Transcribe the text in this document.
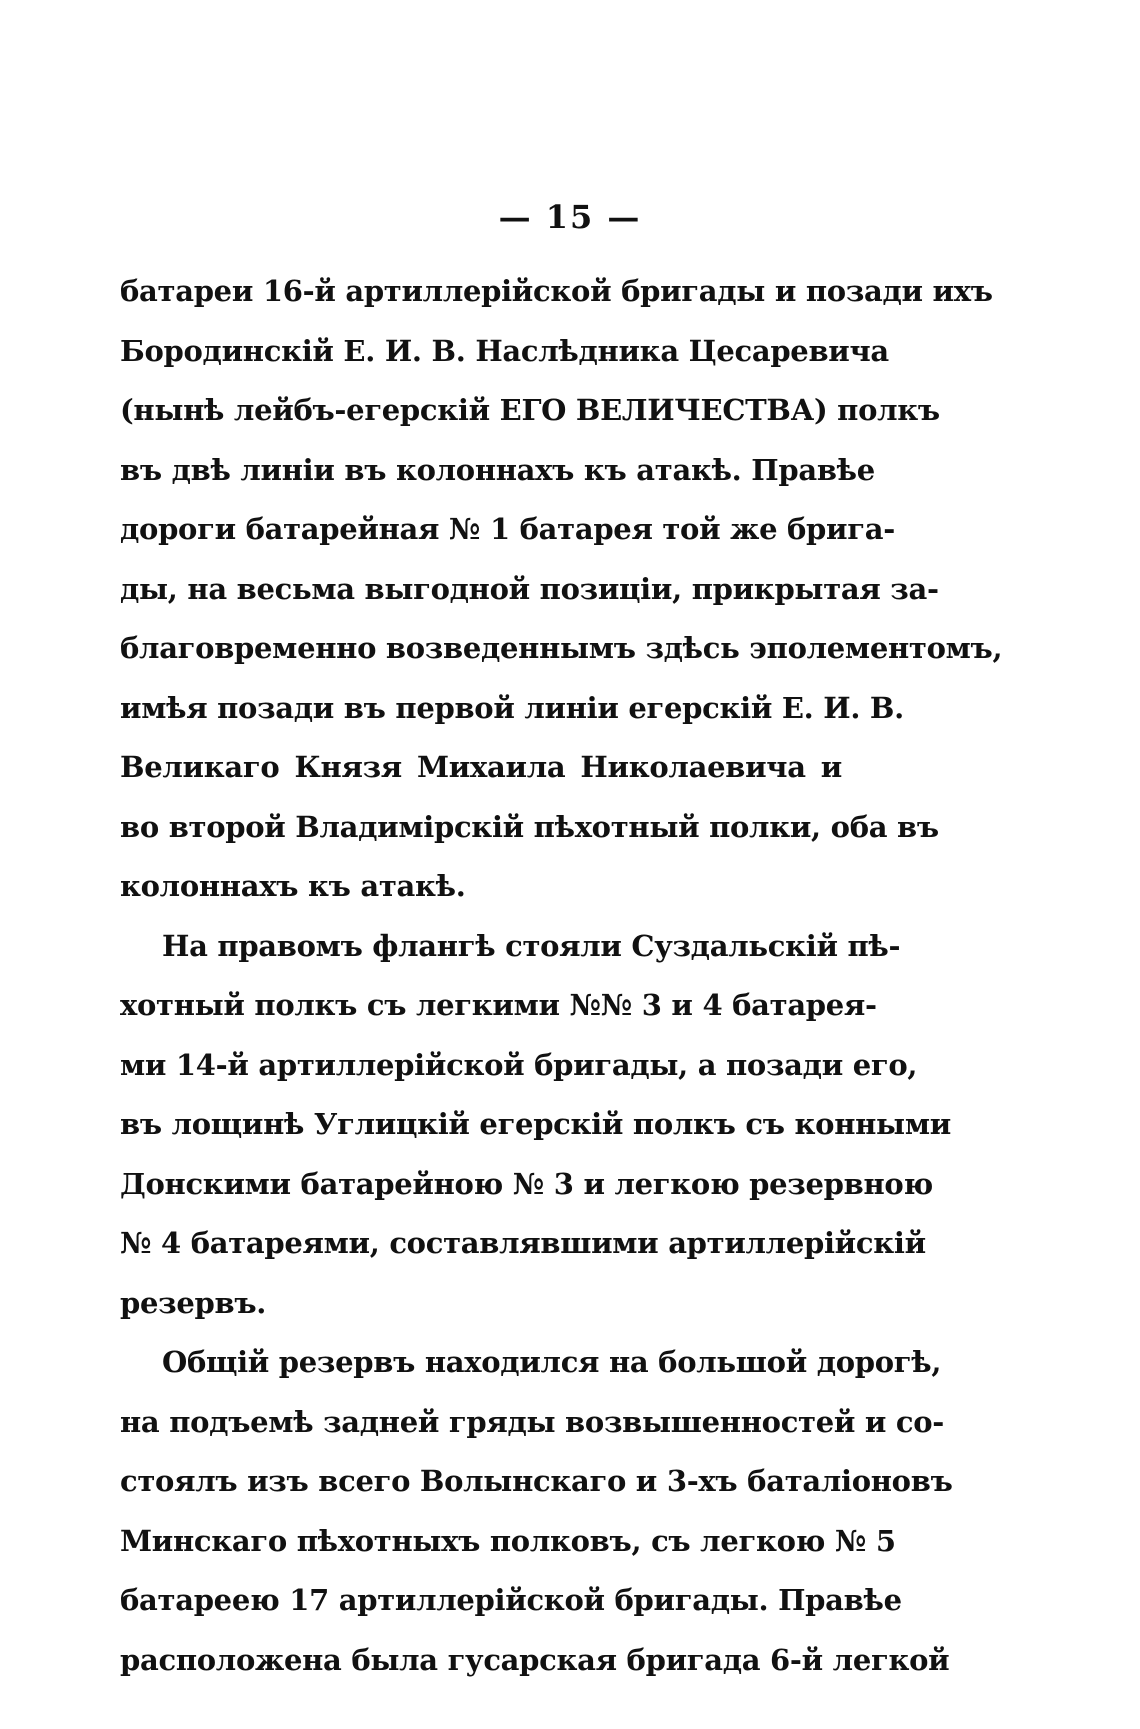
— 15 —
батареи 16-й артиллерійской бригады и позади ихъ
Бородинскій Е. И. В. Наслѣдника Цесаревича
(нынѣ лейбъ-егерскій ЕГО ВЕЛИЧЕСТВА) полкъ
въ двѣ линіи въ колоннахъ къ атакѣ. Правѣе
дороги батарейная № 1 батарея той же брига-
ды, на весьма выгодной позиціи, прикрытая за-
благовременно возведеннымъ здѣсь эполементомъ,
имѣя позади въ первой линіи егерскій Е. И. В.
Великаго Князя Михаила Николаевича и
во второй Владимірскій пѣхотный полки, оба въ
колоннахъ къ атакѣ.
На правомъ флангѣ стояли Суздальскій пѣ-
хотный полкъ съ легкими №№ 3 и 4 батарея-
ми 14-й артиллерійской бригады, а позади его,
въ лощинѣ Углицкій егерскій полкъ съ конными
Донскими батарейною № 3 и легкою резервною
№ 4 батареями, составлявшими артиллерійскій
резервъ.
Общій резервъ находился на большой дорогѣ,
на подъемѣ задней гряды возвышенностей и со-
стоялъ изъ всего Волынскаго и 3-хъ баталіоновъ
Минскаго пѣхотныхъ полковъ, съ легкою № 5
батареею 17 артиллерійской бригады. Правѣе
расположена была гусарская бригада 6-й легкой
